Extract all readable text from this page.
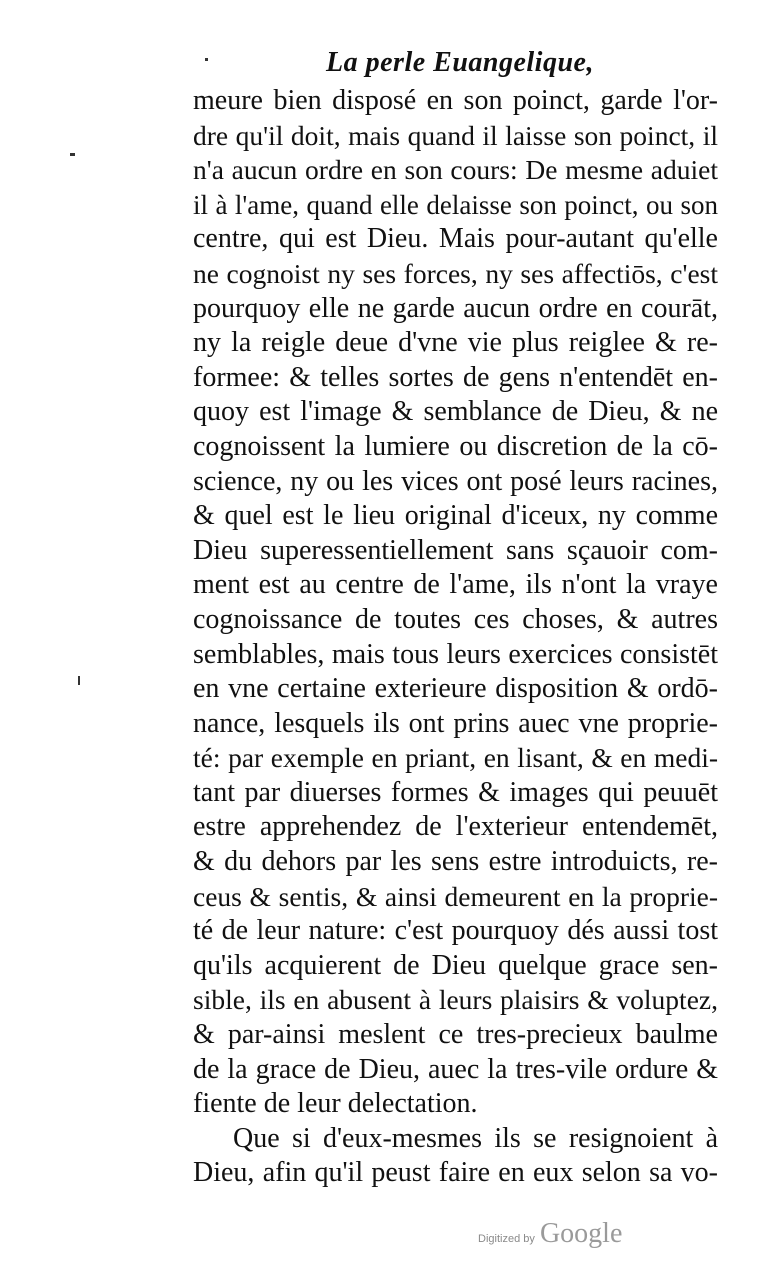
La perle Euangelique,
meure bien disposé en son poinct, garde l'or-
dre qu'il doit, mais quand il laisse son poinct, il
n'a aucun ordre en son cours: De mesme aduiet
il à l'ame, quand elle delaisse son poinct, ou son
centre, qui est Dieu. Mais pour-autant qu'elle
ne cognoist ny ses forces, ny ses affectiōs, c'est
pourquoy elle ne garde aucun ordre en courāt,
ny la reigle deue d'vne vie plus reiglee & re-
formee: & telles sortes de gens n'entendēt en-
quoy est l'image & semblance de Dieu, & ne
cognoissent la lumiere ou discretion de la cō-
science, ny ou les vices ont posé leurs racines,
& quel est le lieu original d'iceux, ny comme
Dieu superessentiellement sans sçauoir com-
ment est au centre de l'ame, ils n'ont la vraye
cognoissance de toutes ces choses, & autres
semblables, mais tous leurs exercices consistēt
en vne certaine exterieure disposition & ordō-
nance, lesquels ils ont prins auec vne proprie-
té: par exemple en priant, en lisant, & en medi-
tant par diuerses formes & images qui peuuēt
estre apprehendez de l'exterieur entendemēt,
& du dehors par les sens estre introduicts, re-
ceus & sentis, & ainsi demeurent en la proprie-
té de leur nature: c'est pourquoy dés aussi tost
qu'ils acquierent de Dieu quelque grace sen-
sible, ils en abusent à leurs plaisirs & voluptez,
& par-ainsi meslent ce tres-precieux baulme
de la grace de Dieu, auec la tres-vile ordure &
fiente de leur delectation.
Que si d'eux-mesmes ils se resignoient à
Dieu, afin qu'il peust faire en eux selon sa vo-
Digitized by Google
